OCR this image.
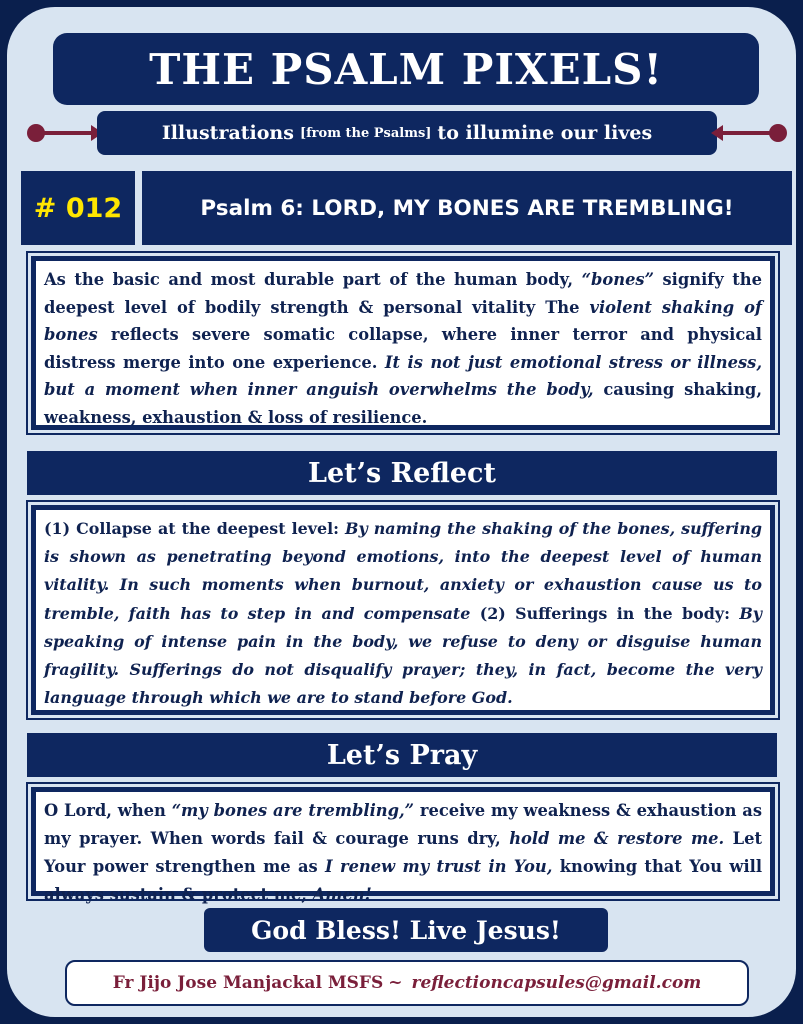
THE PSALM PIXELS!
Illustrations [from the Psalms] to illumine our lives
# 012	Psalm 6: LORD, MY BONES ARE TREMBLING!

As the basic and most durable part of the human body, “bones” signify the deepest level of bodily strength & personal vitality The violent shaking of bones reflects severe somatic collapse, where inner terror and physical distress merge into one experience. It is not just emotional stress or illness, but a moment when inner anguish overwhelms the body, causing shaking, weakness, exhaustion & loss of resilience.

Let’s Reflect

(1) Collapse at the deepest level: By naming the shaking of the bones, suffering is shown as penetrating beyond emotions, into the deepest level of human vitality. In such moments when burnout, anxiety or exhaustion cause us to tremble, faith has to step in and compensate (2) Sufferings in the body: By speaking of intense pain in the body, we refuse to deny or disguise human fragility. Sufferings do not disqualify prayer; they, in fact, become the very language through which we are to stand before God.

Let’s Pray

O Lord, when “my bones are trembling,” receive my weakness & exhaustion as my prayer. When words fail & courage runs dry, hold me & restore me. Let Your power strengthen me as I renew my trust in You, knowing that You will always sustain & protect me, Amen!

God Bless! Live Jesus!
Fr Jijo Jose Manjackal MSFS ~ reflectioncapsules@gmail.com
